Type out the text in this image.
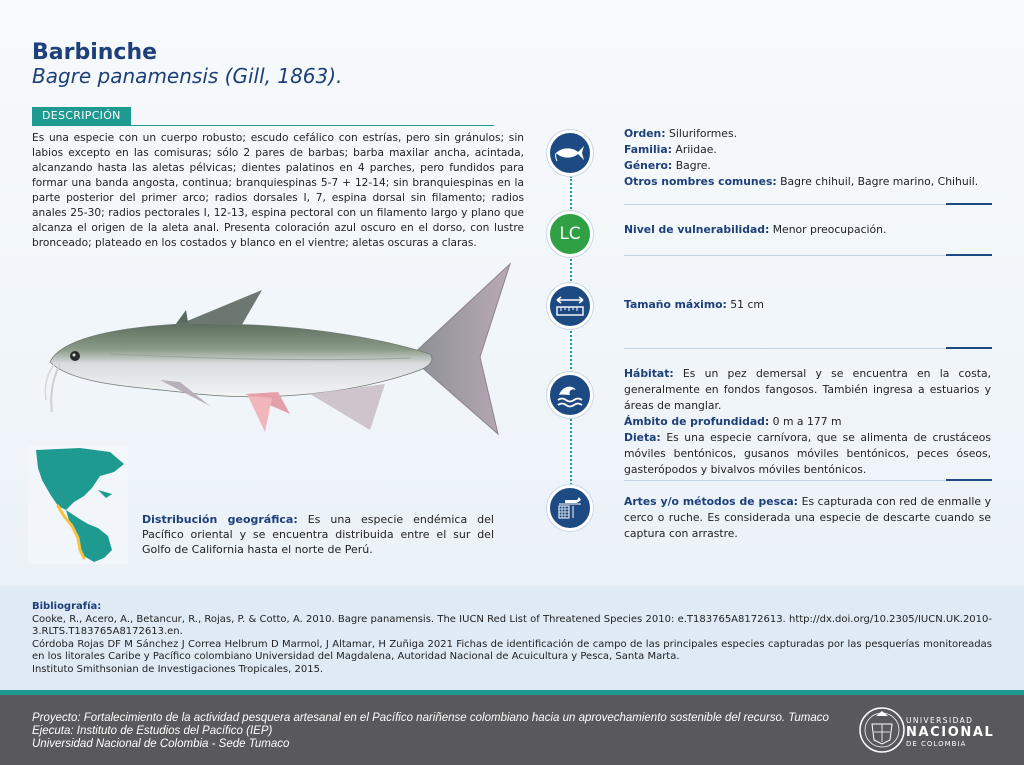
Barbinche
Bagre panamensis (Gill, 1863).
DESCRIPCIÓN
Es una especie con un cuerpo robusto; escudo cefálico con estrías, pero sin gránulos; sin labios excepto en las comisuras; sólo 2 pares de barbas; barba maxilar ancha, acintada, alcanzando hasta las aletas pélvicas; dientes palatinos en 4 parches, pero fundidos para formar una banda angosta, continua; branquiespinas 5-7 + 12-14; sin branquiespinas en la parte posterior del primer arco; radios dorsales I, 7, espina dorsal sin filamento; radios anales 25-30; radios pectorales I, 12-13, espina pectoral con un filamento largo y plano que alcanza el origen de la aleta anal. Presenta coloración azul oscuro en el dorso, con lustre bronceado; plateado en los costados y blanco en el vientre; aletas oscuras a claras.
Distribución geográfica: Es una especie endémica del Pacífico oriental y se encuentra distribuida entre el sur del Golfo de California hasta el norte de Perú.
LC
Orden: Siluriformes.
Familia: Ariidae.
Género: Bagre.
Otros nombres comunes: Bagre chihuil, Bagre marino, Chihuil.
Nivel de vulnerabilidad: Menor preocupación.
Tamaño máximo: 51 cm
Hábitat: Es un pez demersal y se encuentra en la costa, generalmente en fondos fangosos. También ingresa a estuarios y áreas de manglar.
Ámbito de profundidad: 0 m a 177 m
Dieta: Es una especie carnívora, que se alimenta de crustáceos móviles bentónicos, gusanos móviles bentónicos, peces óseos, gasterópodos y bivalvos móviles bentónicos.
Artes y/o métodos de pesca: Es capturada con red de enmalle y cerco o ruche. Es considerada una especie de descarte cuando se captura con arrastre.
Bibliografía:

Cooke, R., Acero, A., Betancur, R., Rojas, P. & Cotto, A. 2010. Bagre panamensis. The IUCN Red List of Threatened Species 2010: e.T183765A8172613. http://dx.doi.org/10.2305/IUCN.UK.2010-3.RLTS.T183765A8172613.en.

Córdoba Rojas DF M Sánchez J Correa Helbrum D Marmol, J Altamar, H Zuñiga 2021 Fichas de identificación de campo de las principales especies capturadas por las pesquerías monitoreadas en los litorales Caribe y Pacífico colombiano Universidad del Magdalena, Autoridad Nacional de Acuicultura y Pesca, Santa Marta.

Instituto Smithsonian de Investigaciones Tropicales, 2015.

Proyecto: Fortalecimiento de la actividad pesquera artesanal en el Pacífico nariñense colombiano hacia un aprovechamiento sostenible del recurso. Tumaco
Ejecuta: Instituto de Estudios del Pacífico (IEP)
Universidad Nacional de Colombia - Sede Tumaco
UNIVERSIDAD
NACIONAL
DE COLOMBIA
